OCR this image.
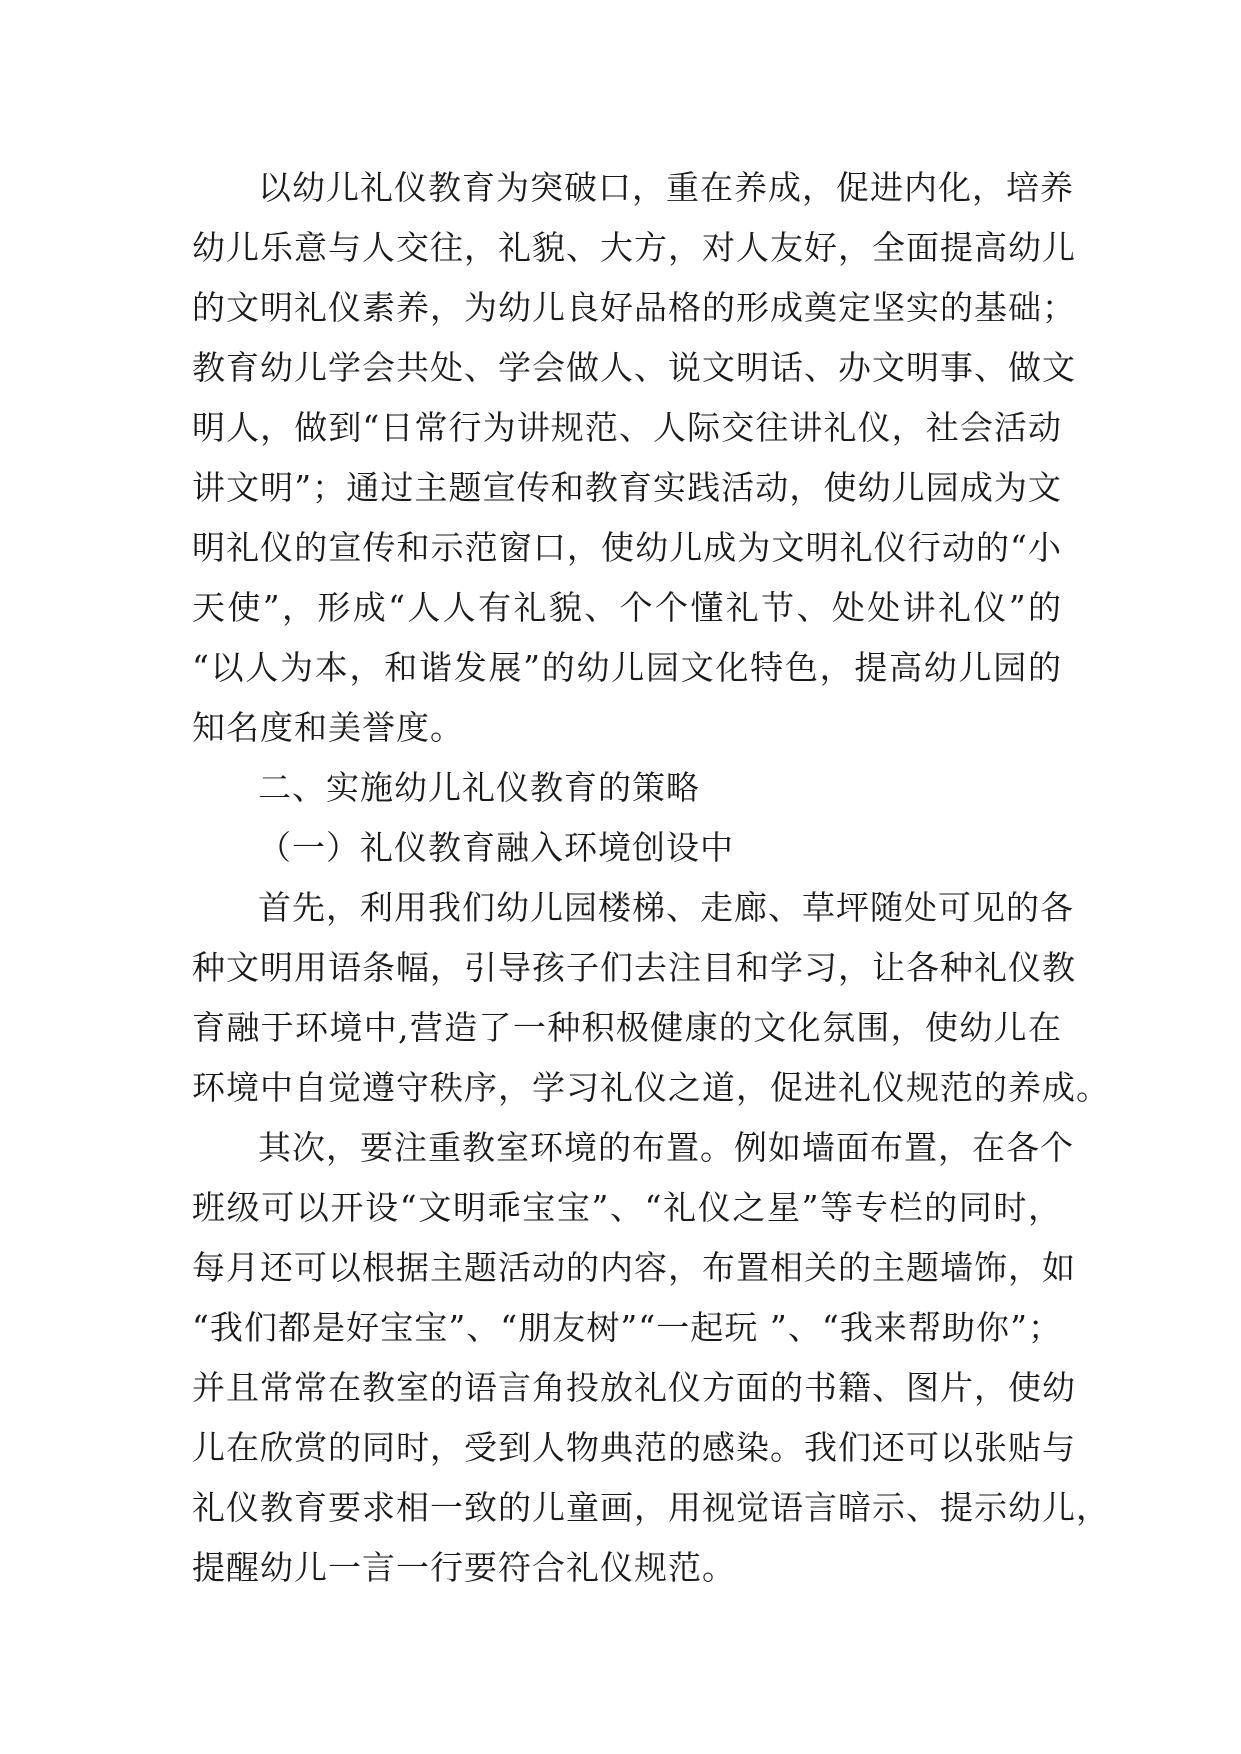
以幼儿礼仪教育为突破口，重在养成，促进内化，培养
幼儿乐意与人交往，礼貌、大方，对人友好，全面提高幼儿
的文明礼仪素养，为幼儿良好品格的形成奠定坚实的基础；
教育幼儿学会共处、学会做人、说文明话、办文明事、做文
明人，做到“日常行为讲规范、人际交往讲礼仪，社会活动
讲文明”；通过主题宣传和教育实践活动，使幼儿园成为文
明礼仪的宣传和示范窗口，使幼儿成为文明礼仪行动的“小
天使”，形成“人人有礼貌、个个懂礼节、处处讲礼仪”的
“以人为本，和谐发展”的幼儿园文化特色，提高幼儿园的
知名度和美誉度。
二、实施幼儿礼仪教育的策略
（一）礼仪教育融入环境创设中
首先，利用我们幼儿园楼梯、走廊、草坪随处可见的各
种文明用语条幅，引导孩子们去注目和学习，让各种礼仪教
育融于环境中,营造了一种积极健康的文化氛围，使幼儿在
环境中自觉遵守秩序，学习礼仪之道，促进礼仪规范的养成。
其次，要注重教室环境的布置。例如墙面布置，在各个
班级可以开设“文明乖宝宝”、“礼仪之星”等专栏的同时，
每月还可以根据主题活动的内容，布置相关的主题墙饰，如
“我们都是好宝宝”、“朋友树”“一起玩 ”、“我来帮助你”；
并且常常在教室的语言角投放礼仪方面的书籍、图片，使幼
儿在欣赏的同时，受到人物典范的感染。我们还可以张贴与
礼仪教育要求相一致的儿童画，用视觉语言暗示、提示幼儿，
提醒幼儿一言一行要符合礼仪规范。
